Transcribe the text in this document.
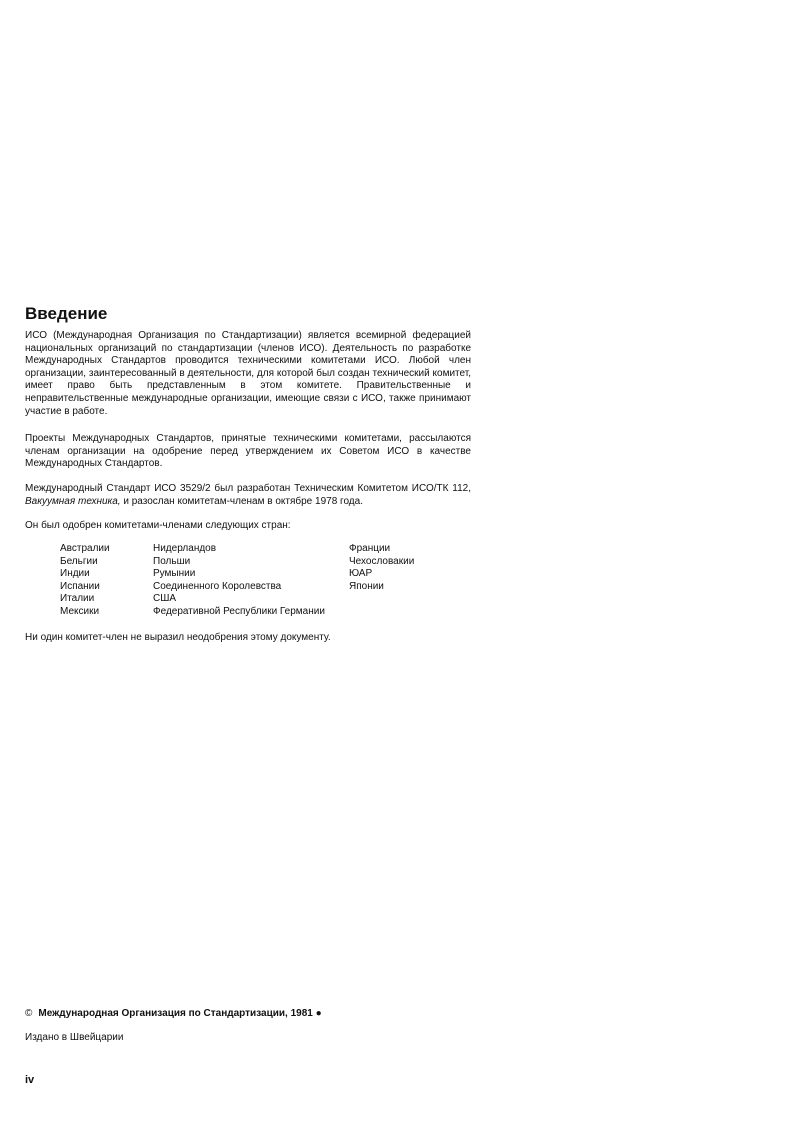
Введение

ИСО (Международная Организация по Стандартизации) является всемирной федерацией национальных организаций по стандартизации (членов ИСО). Деятельность по разработке Международных Стандартов проводится техническими комитетами ИСО. Любой член организации, заинтересованный в деятельности, для которой был создан технический комитет, имеет право быть представленным в этом комитете. Правительственные и неправительственные международные организации, имеющие связи с ИСО, также принимают участие в работе.

Проекты Международных Стандартов, принятые техническими комитетами, рассылаются членам организации на одобрение перед утверждением их Советом ИСО в качестве Международных Стандартов.

Международный Стандарт ИСО 3529/2 был разработан Техническим Комитетом ИСО/ТК 112, Вакуумная техника, и разослан комитетам-членам в октябре 1978 года.

Он был одобрен комитетами-членами следующих стран:

Австралии
Бельгии
Индии
Испании
Италии
Мексики
Нидерландов
Польши
Румынии
Соединенного Королевства
США
Федеративной Республики Германии
Франции
Чехословакии
ЮАР
Японии

Ни один комитет-член не выразил неодобрения этому документу.

© Международная Организация по Стандартизации, 1981 ●
Издано в Швейцарии
iv
